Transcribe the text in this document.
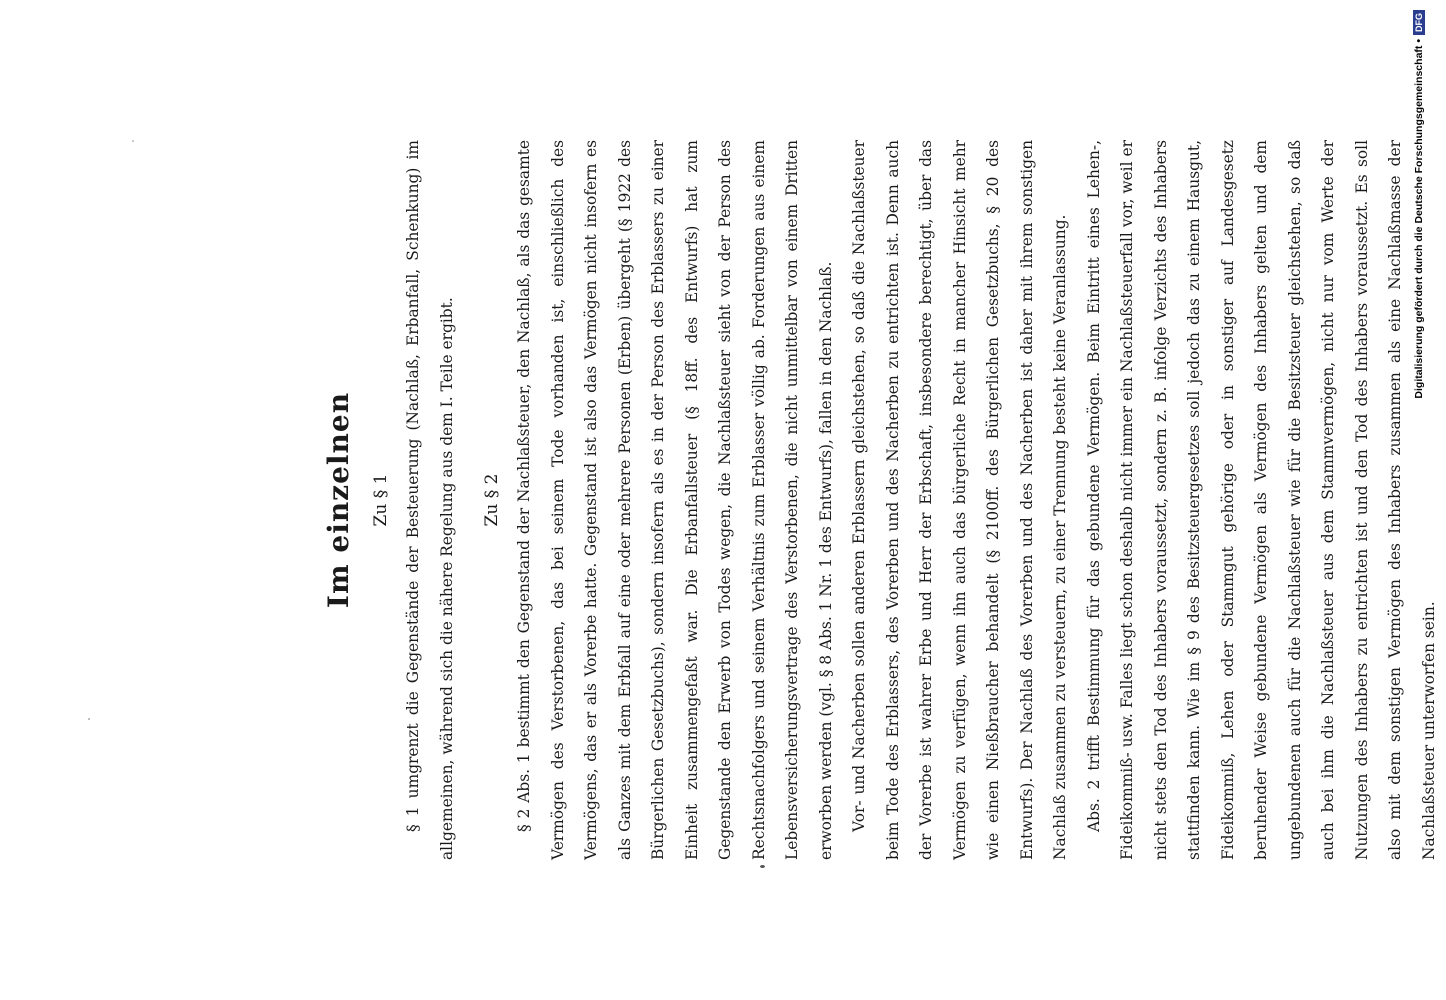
Im einzelnen Zu § 1 § 1 umgrenzt die Gegenstände der Besteuerung (Nachlaß, Erbanfall, Schenkung) im allgemeinen, während sich die nähere Regelung aus dem I. Teile ergibt.	Zu § 2 § 2 Abs. 1 bestimmt den Gegenstand der Nachlaßsteuer, den Nachlaß, als das gesamte Vermögen des Verstorbenen, das bei seinem Tode vorhanden ist, einschließlich des Vermögens, das er als Vorerbe hatte. Gegenstand ist also das Vermögen nicht insofern es als Ganzes mit dem Erbfall auf eine oder mehrere Personen (Erben) übergeht (§ 1922 des Bürgerlichen Gesetzbuchs), sondern insofern als es in der Person des Erblassers zu einer Einheit zusammengefaßt war. Die Erbanfallsteuer (§ 18ff. des Entwurfs) hat zum Gegenstande den Erwerb von Todes wegen, die Nachlaßsteuer sieht von der Person des Rechtsnachfolgers und seinem Verhältnis zum Erblasser völlig ab. Forderungen aus einem Lebensversicherungsvertrage des Verstorbenen, die nicht unmittelbar von einem Dritten erworben werden (vgl. § 8 Abs. 1 Nr. 1 des Entwurfs), fallen in den Nachlaß.	Vor- und Nacherben sollen anderen Erblassern gleichstehen, so daß die Nachlaßsteuer beim Tode des Erblassers, des Vorerben und des Nacherben zu entrichten ist. Denn auch der Vorerbe ist wahrer Erbe und Herr der Erbschaft, insbesondere berechtigt, über das Vermögen zu verfügen, wenn ihn auch das bürgerliche Recht in mancher Hinsicht mehr wie einen Nießbraucher behandelt (§ 2100ff. des Bürgerlichen Gesetzbuchs, § 20 des Entwurfs). Der Nachlaß des Vorerben und des Nacherben ist daher mit ihrem sonstigen Nachlaß zusammen zu versteuern, zu einer Trennung besteht keine Veranlassung.	Abs. 2 trifft Bestimmung für das gebundene Vermögen. Beim Eintritt eines Lehen-, Fideikommiß- usw. Falles liegt schon deshalb nicht immer ein Nachlaßsteuerfall vor, weil er nicht stets den Tod des Inhabers voraussetzt, sondern z. B. infolge Verzichts des Inhabers stattfinden kann. Wie im § 9 des Besitzsteuergesetzes soll jedoch das zu einem Hausgut, Fideikommiß, Lehen oder Stammgut gehörige oder in sonstiger auf Landesgesetz beruhender Weise gebundene Vermögen als Vermögen des Inhabers gelten und dem ungebundenen auch für die Nachlaßsteuer wie für die Besitzsteuer gleichstehen, so daß auch bei ihm die Nachlaßsteuer aus dem Stammvermögen, nicht nur vom Werte der Nutzungen des Inhabers zu entrichten ist und den Tod des Inhabers voraussetzt. Es soll also mit dem sonstigen Vermögen des Inhabers zusammen als eine Nachlaßmasse der Nachlaßsteuer unterworfen sein.

Digitalisierung gefördert durch die Deutsche Forschungsgemeinschaft •
DFG
